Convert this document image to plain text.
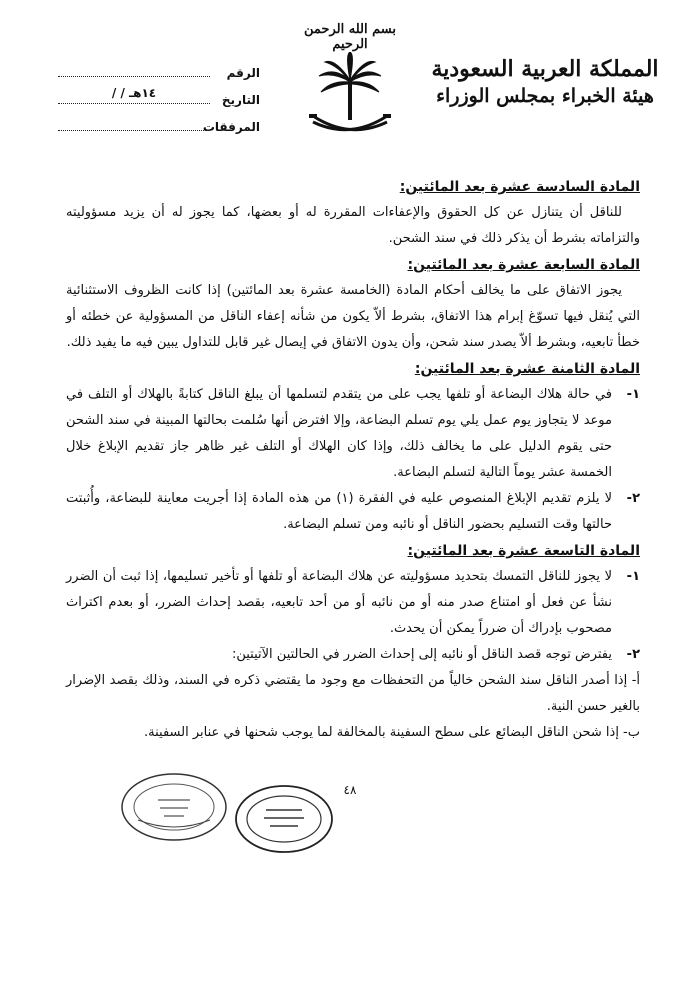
بسم الله الرحمن الرحيم
المملكة العربية السعودية
هيئة الخبراء بمجلس الوزراء
الرقم
التاريخ
/ / ١٤هـ
المرفقات

المادة السادسة عشرة بعد المائتين:

للناقل أن يتنازل عن كل الحقوق والإعفاءات المقررة له أو بعضها، كما يجوز له أن يزيد مسؤوليته والتزاماته بشرط أن يذكر ذلك في سند الشحن.

المادة السابعة عشرة بعد المائتين:

يجوز الاتفاق على ما يخالف أحكام المادة (الخامسة عشرة بعد المائتين) إذا كانت الظروف الاستثنائية التي يُنقل فيها تسوّغ إبرام هذا الاتفاق، بشرط ألاّ يكون من شأنه إعفاء الناقل من المسؤولية عن خطئه أو خطأ تابعيه، وبشرط ألاّ يصدر سند شحن، وأن يدون الاتفاق في إيصال غير قابل للتداول يبين فيه ما يفيد ذلك.

المادة الثامنة عشرة بعد المائتين:

١-
في حالة هلاك البضاعة أو تلفها يجب على من يتقدم لتسلمها أن يبلغ الناقل كتابةً بالهلاك أو التلف في موعد لا يتجاوز يوم عمل يلي يوم تسلم البضاعة، وإلا افترض أنها سُلمت بحالتها المبينة في سند الشحن حتى يقوم الدليل على ما يخالف ذلك، وإذا كان الهلاك أو التلف غير ظاهر جاز تقديم الإبلاغ خلال الخمسة عشر يوماً التالية لتسلم البضاعة.
٢-
لا يلزم تقديم الإبلاغ المنصوص عليه في الفقرة (١) من هذه المادة إذا أجريت معاينة للبضاعة، وأُثبتت حالتها وقت التسليم بحضور الناقل أو نائبه ومن تسلم البضاعة.

المادة التاسعة عشرة بعد المائتين:

١-
لا يجوز للناقل التمسك بتحديد مسؤوليته عن هلاك البضاعة أو تلفها أو تأخير تسليمها، إذا ثبت أن الضرر نشأ عن فعل أو امتناع صدر منه أو من نائبه أو من أحد تابعيه، بقصد إحداث الضرر، أو بعدم اكتراث مصحوب بإدراك أن ضرراً يمكن أن يحدث.
٢-
يفترض توجه قصد الناقل أو نائبه إلى إحداث الضرر في الحالتين الآتيتين:

أ- إذا أصدر الناقل سند الشحن خالياً من التحفظات مع وجود ما يقتضي ذكره في السند، وذلك بقصد الإضرار بالغير حسن النية.

ب- إذا شحن الناقل البضائع على سطح السفينة بالمخالفة لما يوجب شحنها في عنابر السفينة.

٤٨
